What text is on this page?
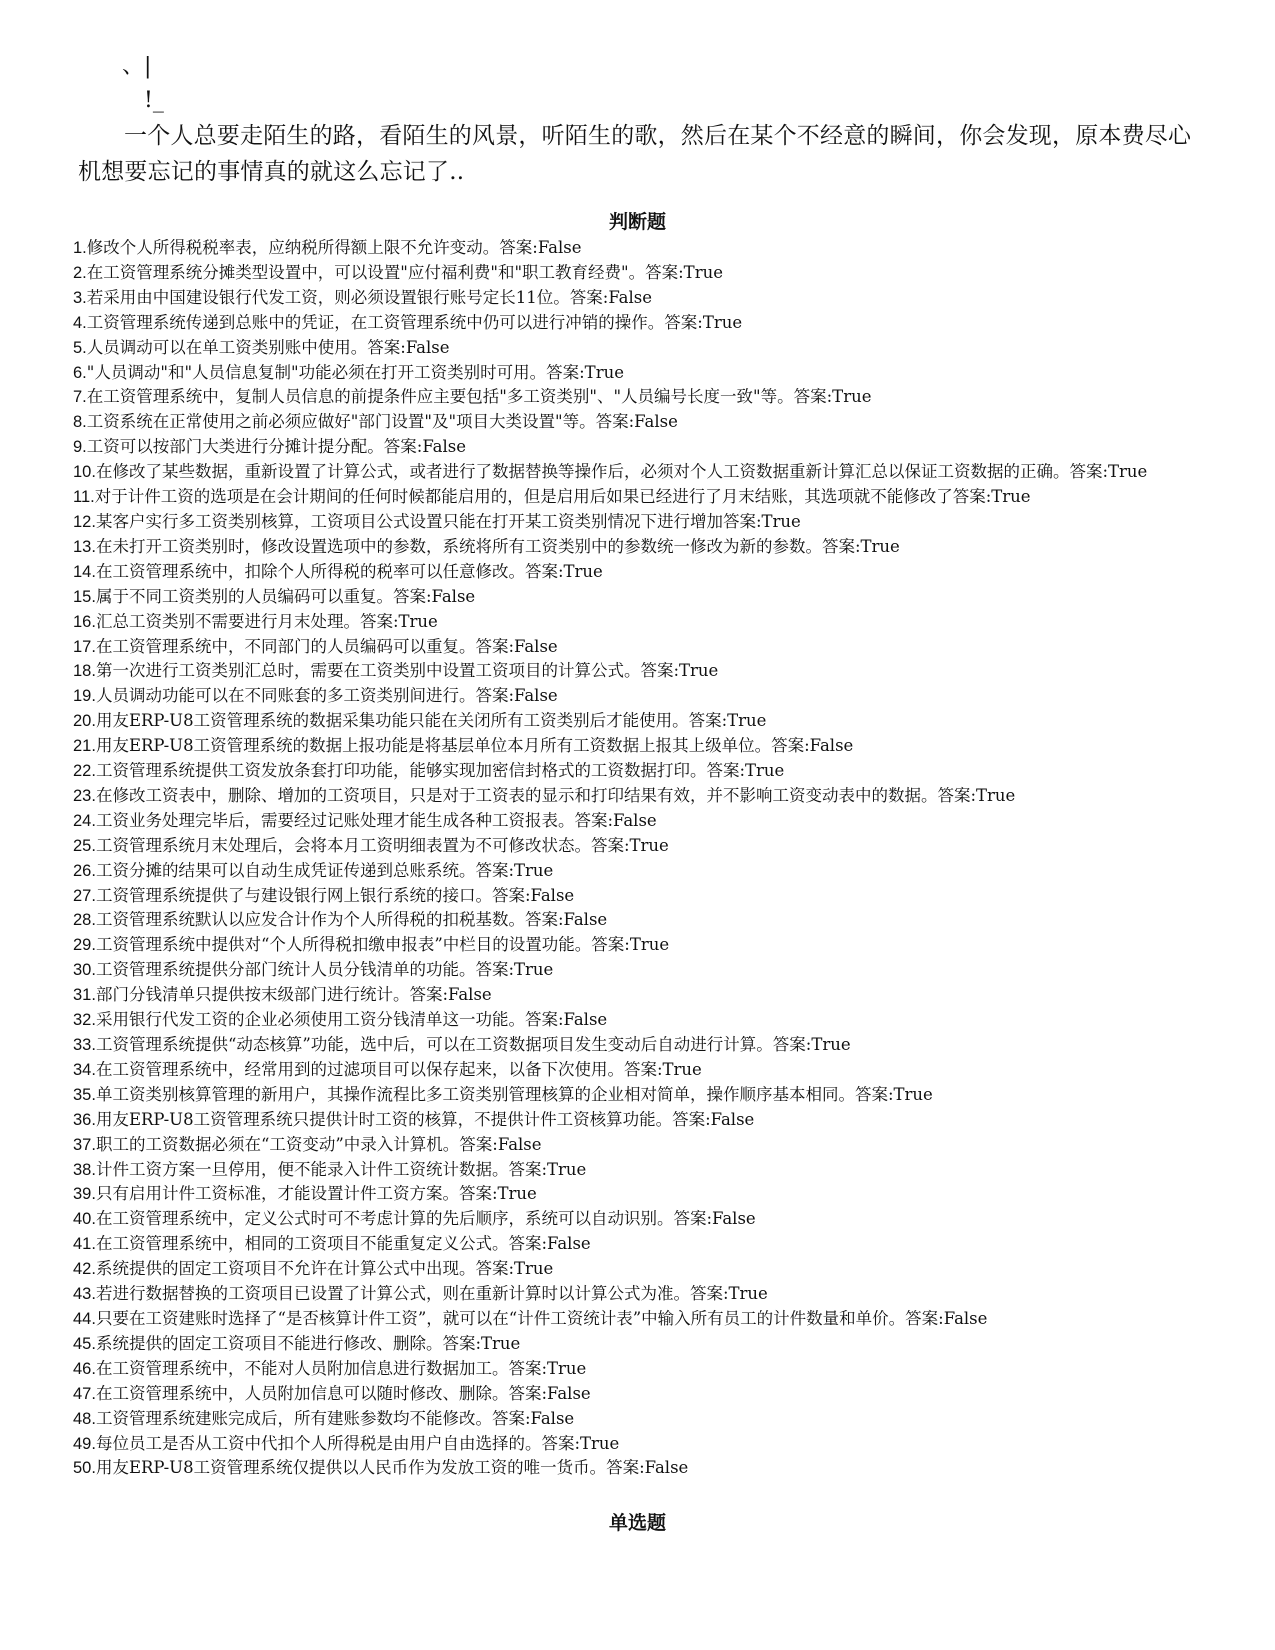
、|
!_
一个人总要走陌生的路，看陌生的风景，听陌生的歌，然后在某个不经意的瞬间，你会发现，原本费尽心机想要忘记的事情真的就这么忘记了..
判断题
1.修改个人所得税税率表，应纳税所得额上限不允许变动。答案:False
2.在工资管理系统分摊类型设置中，可以设置"应付福利费"和"职工教育经费"。答案:True
3.若采用由中国建设银行代发工资，则必须设置银行账号定长11位。答案:False
4.工资管理系统传递到总账中的凭证，在工资管理系统中仍可以进行冲销的操作。答案:True
5.人员调动可以在单工资类别账中使用。答案:False
6."人员调动"和"人员信息复制"功能必须在打开工资类别时可用。答案:True
7.在工资管理系统中，复制人员信息的前提条件应主要包括"多工资类别"、"人员编号长度一致"等。答案:True
8.工资系统在正常使用之前必须应做好"部门设置"及"项目大类设置"等。答案:False
9.工资可以按部门大类进行分摊计提分配。答案:False
10.在修改了某些数据，重新设置了计算公式，或者进行了数据替换等操作后，必须对个人工资数据重新计算汇总以保证工资数据的正确。答案:True
11.对于计件工资的选项是在会计期间的任何时候都能启用的，但是启用后如果已经进行了月末结账，其选项就不能修改了答案:True
12.某客户实行多工资类别核算，工资项目公式设置只能在打开某工资类别情况下进行增加答案:True
13.在未打开工资类别时，修改设置选项中的参数，系统将所有工资类别中的参数统一修改为新的参数。答案:True
14.在工资管理系统中，扣除个人所得税的税率可以任意修改。答案:True
15.属于不同工资类别的人员编码可以重复。答案:False
16.汇总工资类别不需要进行月末处理。答案:True
17.在工资管理系统中，不同部门的人员编码可以重复。答案:False
18.第一次进行工资类别汇总时，需要在工资类别中设置工资项目的计算公式。答案:True
19.人员调动功能可以在不同账套的多工资类别间进行。答案:False
20.用友ERP-U8工资管理系统的数据采集功能只能在关闭所有工资类别后才能使用。答案:True
21.用友ERP-U8工资管理系统的数据上报功能是将基层单位本月所有工资数据上报其上级单位。答案:False
22.工资管理系统提供工资发放条套打印功能，能够实现加密信封格式的工资数据打印。答案:True
23.在修改工资表中，删除、增加的工资项目，只是对于工资表的显示和打印结果有效，并不影响工资变动表中的数据。答案:True
24.工资业务处理完毕后，需要经过记账处理才能生成各种工资报表。答案:False
25.工资管理系统月末处理后，会将本月工资明细表置为不可修改状态。答案:True
26.工资分摊的结果可以自动生成凭证传递到总账系统。答案:True
27.工资管理系统提供了与建设银行网上银行系统的接口。答案:False
28.工资管理系统默认以应发合计作为个人所得税的扣税基数。答案:False
29.工资管理系统中提供对“个人所得税扣缴申报表”中栏目的设置功能。答案:True
30.工资管理系统提供分部门统计人员分钱清单的功能。答案:True
31.部门分钱清单只提供按末级部门进行统计。答案:False
32.采用银行代发工资的企业必须使用工资分钱清单这一功能。答案:False
33.工资管理系统提供“动态核算”功能，选中后，可以在工资数据项目发生变动后自动进行计算。答案:True
34.在工资管理系统中，经常用到的过滤项目可以保存起来，以备下次使用。答案:True
35.单工资类别核算管理的新用户，其操作流程比多工资类别管理核算的企业相对简单，操作顺序基本相同。答案:True
36.用友ERP-U8工资管理系统只提供计时工资的核算，不提供计件工资核算功能。答案:False
37.职工的工资数据必须在“工资变动”中录入计算机。答案:False
38.计件工资方案一旦停用，便不能录入计件工资统计数据。答案:True
39.只有启用计件工资标准，才能设置计件工资方案。答案:True
40.在工资管理系统中，定义公式时可不考虑计算的先后顺序，系统可以自动识别。答案:False
41.在工资管理系统中，相同的工资项目不能重复定义公式。答案:False
42.系统提供的固定工资项目不允许在计算公式中出现。答案:True
43.若进行数据替换的工资项目已设置了计算公式，则在重新计算时以计算公式为准。答案:True
44.只要在工资建账时选择了“是否核算计件工资”，就可以在“计件工资统计表”中输入所有员工的计件数量和单价。答案:False
45.系统提供的固定工资项目不能进行修改、删除。答案:True
46.在工资管理系统中，不能对人员附加信息进行数据加工。答案:True
47.在工资管理系统中，人员附加信息可以随时修改、删除。答案:False
48.工资管理系统建账完成后，所有建账参数均不能修改。答案:False
49.每位员工是否从工资中代扣个人所得税是由用户自由选择的。答案:True
50.用友ERP-U8工资管理系统仅提供以人民币作为发放工资的唯一货币。答案:False
单选题
